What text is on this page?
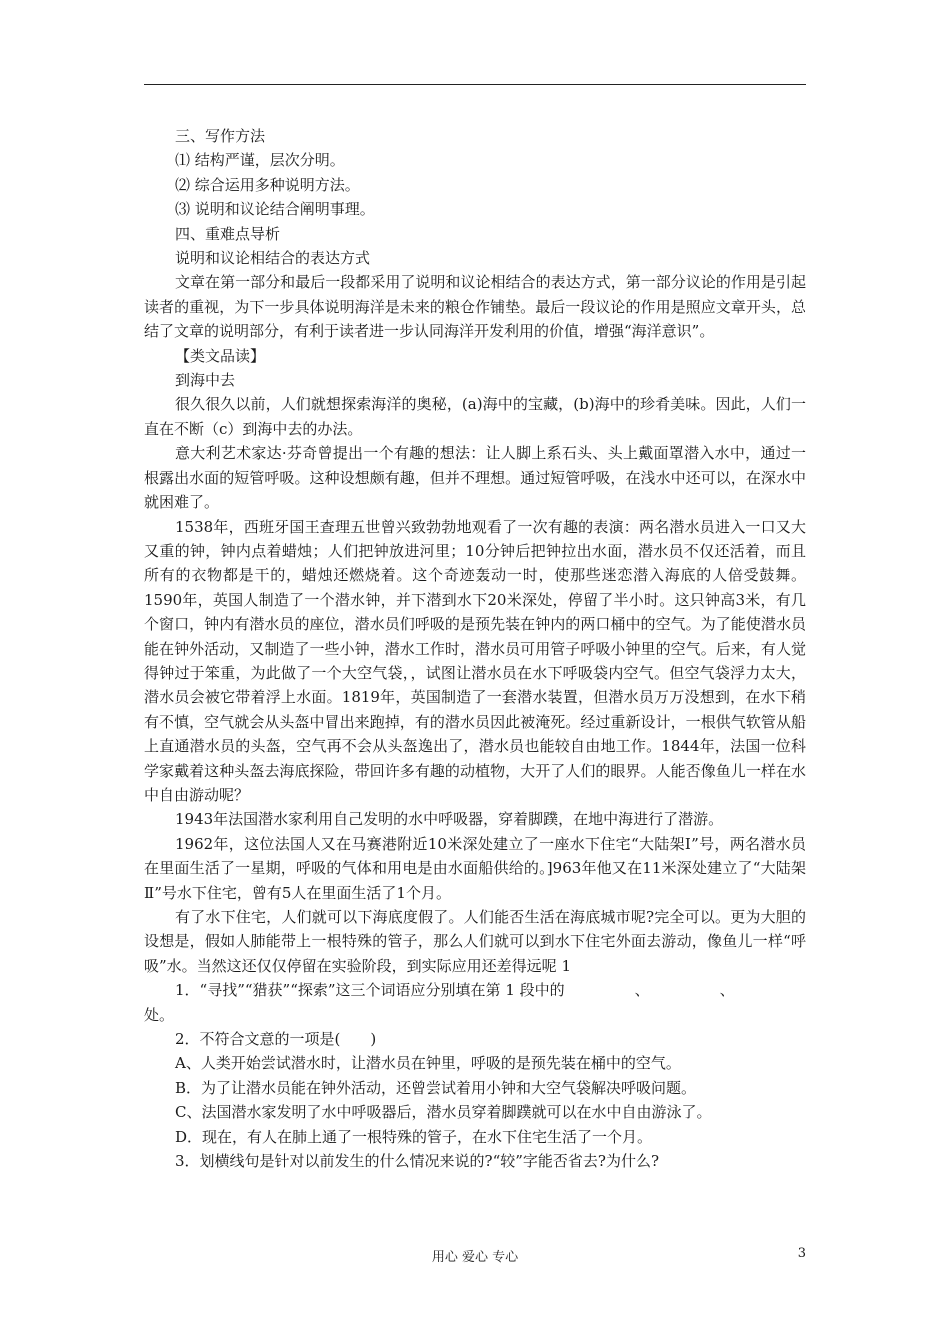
三、写作方法
⑴ 结构严谨，层次分明。
⑵ 综合运用多种说明方法。
⑶ 说明和议论结合阐明事理。
四、重难点导析
说明和议论相结合的表达方式

文章在第一部分和最后一段都采用了说明和议论相结合的表达方式，第一部分议论的作用是引起读者的重视，为下一步具体说明海洋是未来的粮仓作铺垫。最后一段议论的作用是照应文章开头，总结了文章的说明部分，有利于读者进一步认同海洋开发利用的价值，增强“海洋意识”。

【类文品读】
到海中去

很久很久以前，人们就想探索海洋的奥秘，(a)海中的宝藏，(b)海中的珍肴美味。因此，人们一直在不断（c）到海中去的办法。

意大利艺术家达·芬奇曾提出一个有趣的想法：让人脚上系石头、头上戴面罩潜入水中，通过一根露出水面的短管呼吸。这种设想颇有趣，但并不理想。通过短管呼吸，在浅水中还可以，在深水中就困难了。

1538年，西班牙国王查理五世曾兴致勃勃地观看了一次有趣的表演：两名潜水员进入一口又大又重的钟，钟内点着蜡烛；人们把钟放进河里；10分钟后把钟拉出水面，潜水员不仅还活着，而且所有的衣物都是干的，蜡烛还燃烧着。这个奇迹轰动一时，使那些迷恋潜入海底的人倍受鼓舞。1590年，英国人制造了一个潜水钟，并下潜到水下20米深处，停留了半小时。这只钟高3米，有几个窗口，钟内有潜水员的座位，潜水员们呼吸的是预先装在钟内的两口桶中的空气。为了能使潜水员能在钟外活动，又制造了一些小钟，潜水工作时，潜水员可用管子呼吸小钟里的空气。后来，有人觉得钟过于笨重，为此做了一个大空气袋，，试图让潜水员在水下呼吸袋内空气。但空气袋浮力太大，潜水员会被它带着浮上水面。1819年，英国制造了一套潜水装置，但潜水员万万没想到，在水下稍有不慎，空气就会从头盔中冒出来跑掉，有的潜水员因此被淹死。经过重新设计，一根供气软管从船上直通潜水员的头盔，空气再不会从头盔逸出了，潜水员也能较自由地工作。1844年，法国一位科学家戴着这种头盔去海底探险，带回许多有趣的动植物，大开了人们的眼界。人能否像鱼儿一样在水中自由游动呢？

1943年法国潜水家利用自己发明的水中呼吸器，穿着脚蹼，在地中海进行了潜游。

1962年，这位法国人又在马赛港附近10米深处建立了一座水下住宅“大陆架Ⅰ”号，两名潜水员在里面生活了一星期，呼吸的气体和用电是由水面船供给的。]963年他又在11米深处建立了“大陆架Ⅱ”号水下住宅，曾有5人在里面生活了1个月。

有了水下住宅，人们就可以下海底度假了。人们能否生活在海底城市呢?完全可以。更为大胆的设想是，假如人肺能带上一根特殊的管子，那么人们就可以到水下住宅外面去游动，像鱼儿一样“呼吸”水。当然这还仅仅停留在实验阶段，到实际应用还差得远呢 1

1．“寻找”“猎获”“探索”这三个词语应分别填在第 1 段中的	、	、
处。
2．不符合文意的一项是(　　)
A、人类开始尝试潜水时，让潜水员在钟里，呼吸的是预先装在桶中的空气。
B．为了让潜水员能在钟外活动，还曾尝试着用小钟和大空气袋解决呼吸问题。
C、法国潜水家发明了水中呼吸器后，潜水员穿着脚蹼就可以在水中自由游泳了。
D．现在，有人在肺上通了一根特殊的管子，在水下住宅生活了一个月。
3．划横线句是针对以前发生的什么情况来说的?“较”字能否省去?为什么?
用心 爱心 专心	3
